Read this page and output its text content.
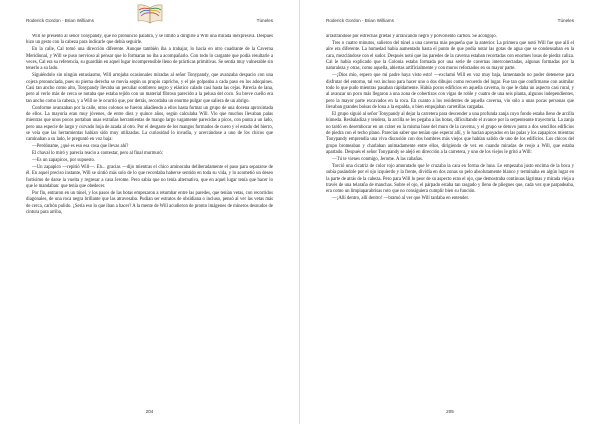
Roderick Gordon - Brian Williams	Túneles

Will se presentó al señor Tonypandy, que no pronunció palabra, y se limitó a dirigirle a Will una mirada inexpresiva. Después hizo un gesto con la cabeza para indicarle que debía seguirle.

En la calle, Cal tomó una dirección diferente. Aunque también iba a trabajar, lo hacía en otro cuadrante de la Caverna Meridional, y Will se puso nervioso al pensar que lo formaran no iba a acompañarlo. Con todo lo cargante que podía resultarle a veces, Cal era su referencia, su guardián en aquel lugar incomprensible lleno de prácticas primitivas. Se sentía muy vulnerable sin tenerlo a su lado.

Siguiéndolo sin ningún entusiasmo, Will arrojaba ocasionales miradas al señor Tonypandy, que avanzaba despacio con una cojera pronunciada, pues su pierna derecha se movía según su propio capricho, y el pie golpeaba a cada paso en los adoquines. Casi tan ancho como alto, Tonypandy llevaba un peculiar sombrero negro y elástico calado casi hasta las cejas. Parecía de lana, pero al verlo más de cerca se notaba que estaba tejido con un material fibroso parecido a la pelusa del coco. Su breve cuello era tan ancho como la cabeza, y a Will se le ocurrió que, por detrás, recordaba un enorme pulgar que saliera de un abrigo.

Conforme avanzaban por la calle, otros colonos se fueron añadiendo a ellos hasta formar un grupo de una docena aproximada de ellos. La mayoría eran muy jóvenes, de entre diez y quince años, según calculaba Will. Vio que muchos llevaban palas mientras que unos pocos portaban unas extrañas herramientas de mango largo vagamente parecidas a picos, con punta a un lado, pero una especie de largo y curvado hoja de azada al otro. Por el desgaste de los mangos formados de cuero y el estado del hierro, se veía que las herramientas habían sido muy utilizadas. La curiosidad lo invadía, y acercándose a uno de los chicos que caminaban a su lado, le preguntó en voz baja:

—Perdóname, ¿qué es eso esa cosa que llevas ahí?

El chaval lo miró y parecía reacio a contestar, pero al final murmuró:

—Es un zapapicos, por supuesto.

—Un zapapico —repitió Will—. Eh... gracias —dijo mientras el chico aminoraba deliberadamente el paso para separarse de él. En aquel preciso instante, Will se sintió más solo de lo que recordaba haberse sentido en toda su vida, y lo acometió un deseo fortísimo de darse la vuelta y regresar a casa Jerome. Pero sabía que no tenía alternativa, que en aquel lugar tenía que hacer lo que le mandaban: que tenía que obedecer.

Por fin, entraron en un túnel, y los pasos de las botas empezaron a retumbar entre las paredes, que tenían vetas, con recorridos diagonales, de una roca negra brillante que las atravesaba. Pudían ser estratos de obsidiana o incluso, pensó al ver las vetas más de cerca, carbón pulido. ¿Sería eso lo que iban a hacer? A la mente de Will acudieron de pronto imágenes de mineros desnudos de cintura para arriba,

204
Roderick Gordon - Brian Williams	Túneles

arrastrándose por estrechas grietas y arrancando negro y polvoriento carbón. Se acongojó.

Tres o cuatro minutos, salieron del túnel a una caverna más pequeña que la anterior. La primera que notó Will fue que allí el aire era diferente. La humedad había aumentado hasta el punto de que podía notar las gotas de agua que se condensaban en la cara, mezclándose con el sudor. Después notó que las paredes de la caverna estaban recortadas con enormes losas de piedra caliza. Cal le había explicado que la Colonia estaba formada por una serie de cavernas interconectadas, algunas formadas por la naturaleza y otras, como aquella, abiertas artificialmente y con muros reforzados en su mayor parte.

—¡Dios mío, espero que mi padre haya visto esto! —exclamó Will en voz muy baja, lamentando no poder detenerse para disfrutar del entorno, tal vez incluso para hacer uno o dos dibujos como recuerdo del lugar. Fue tan que confirmarse con asimilar todo lo que pudo mientras pasaban rápidamente. Había pocos edificios en aquella caverna, lo que le daba un aspecto casi rural, y al avanzar un poco más llegaron a una zona de cobertizos con vigas de roble y cuatro de una seis planta, algunos independientes, pero la mayor parte excavados en la roca. En cuanto a los residentes de aquella caverna, vio sólo a unas pocas personas que llevaban grandes bolsas de lona a la espalda, o bien empujaban carretillas cargadas.

El grupo siguió al señor Tonypandy al dejar la carretera para descender a una profunda zanja cuyo fondo estaba lleno de arcilla húmeda. Resbaladiza y tendera, la arcilla se les pegaba a las botas, dificultando el avance por la serpenteante trayectoria. La zanja no tardó en desembocar en un cráter en la misma base del muro de la caverna, y el grupo se detuvo junto a dos sencillos edificios de piedra con el techo plano. Parecían saber que tenían que esperar allí, y lo hacían apoyados en las palas y los zapapicos mientras Tonypandy emprendía una viva discusión con dos hombres más viejos que habían salido de uno de los edificios. Los chicos del grupo bromeaban y charlaban animadamente entre ellos, dirigiendo de vez en cuando miradas de reojo a Will, que estaba apartado. Después el señor Tonypandy se alejó en dirección a la carretera, y uno de los viejos le gritó a Will:

—Tú te vienes conmigo, Jerome. A las cabañas.

Torció una cicatriz de color rojo amoratado que le cruzaba la cara en forma de luna. Le empezaba justo encima de la boca y subía pasándole por el ojo izquierdo y la frente, dividía en dos zonas su pelo absolutamente blanco y terminaba en algún lugar en la parte de atrás de la cabeza. Pero para Will lo peor de su aspecto eran el ojo, que demostraba continuas lágrimas y mirada vieja a través de una telaraña de manchas. Sobre el ojo, el párpado estaba tan rasgado y lleno de pliegues que, cada vez que parpadeaba, era como un limpiaparabrisas roto que no consiguiera cumplir bien su función.

—¡Allí dentro, allí dentro! —bramó al ver que Will tardaba en entender.

205
